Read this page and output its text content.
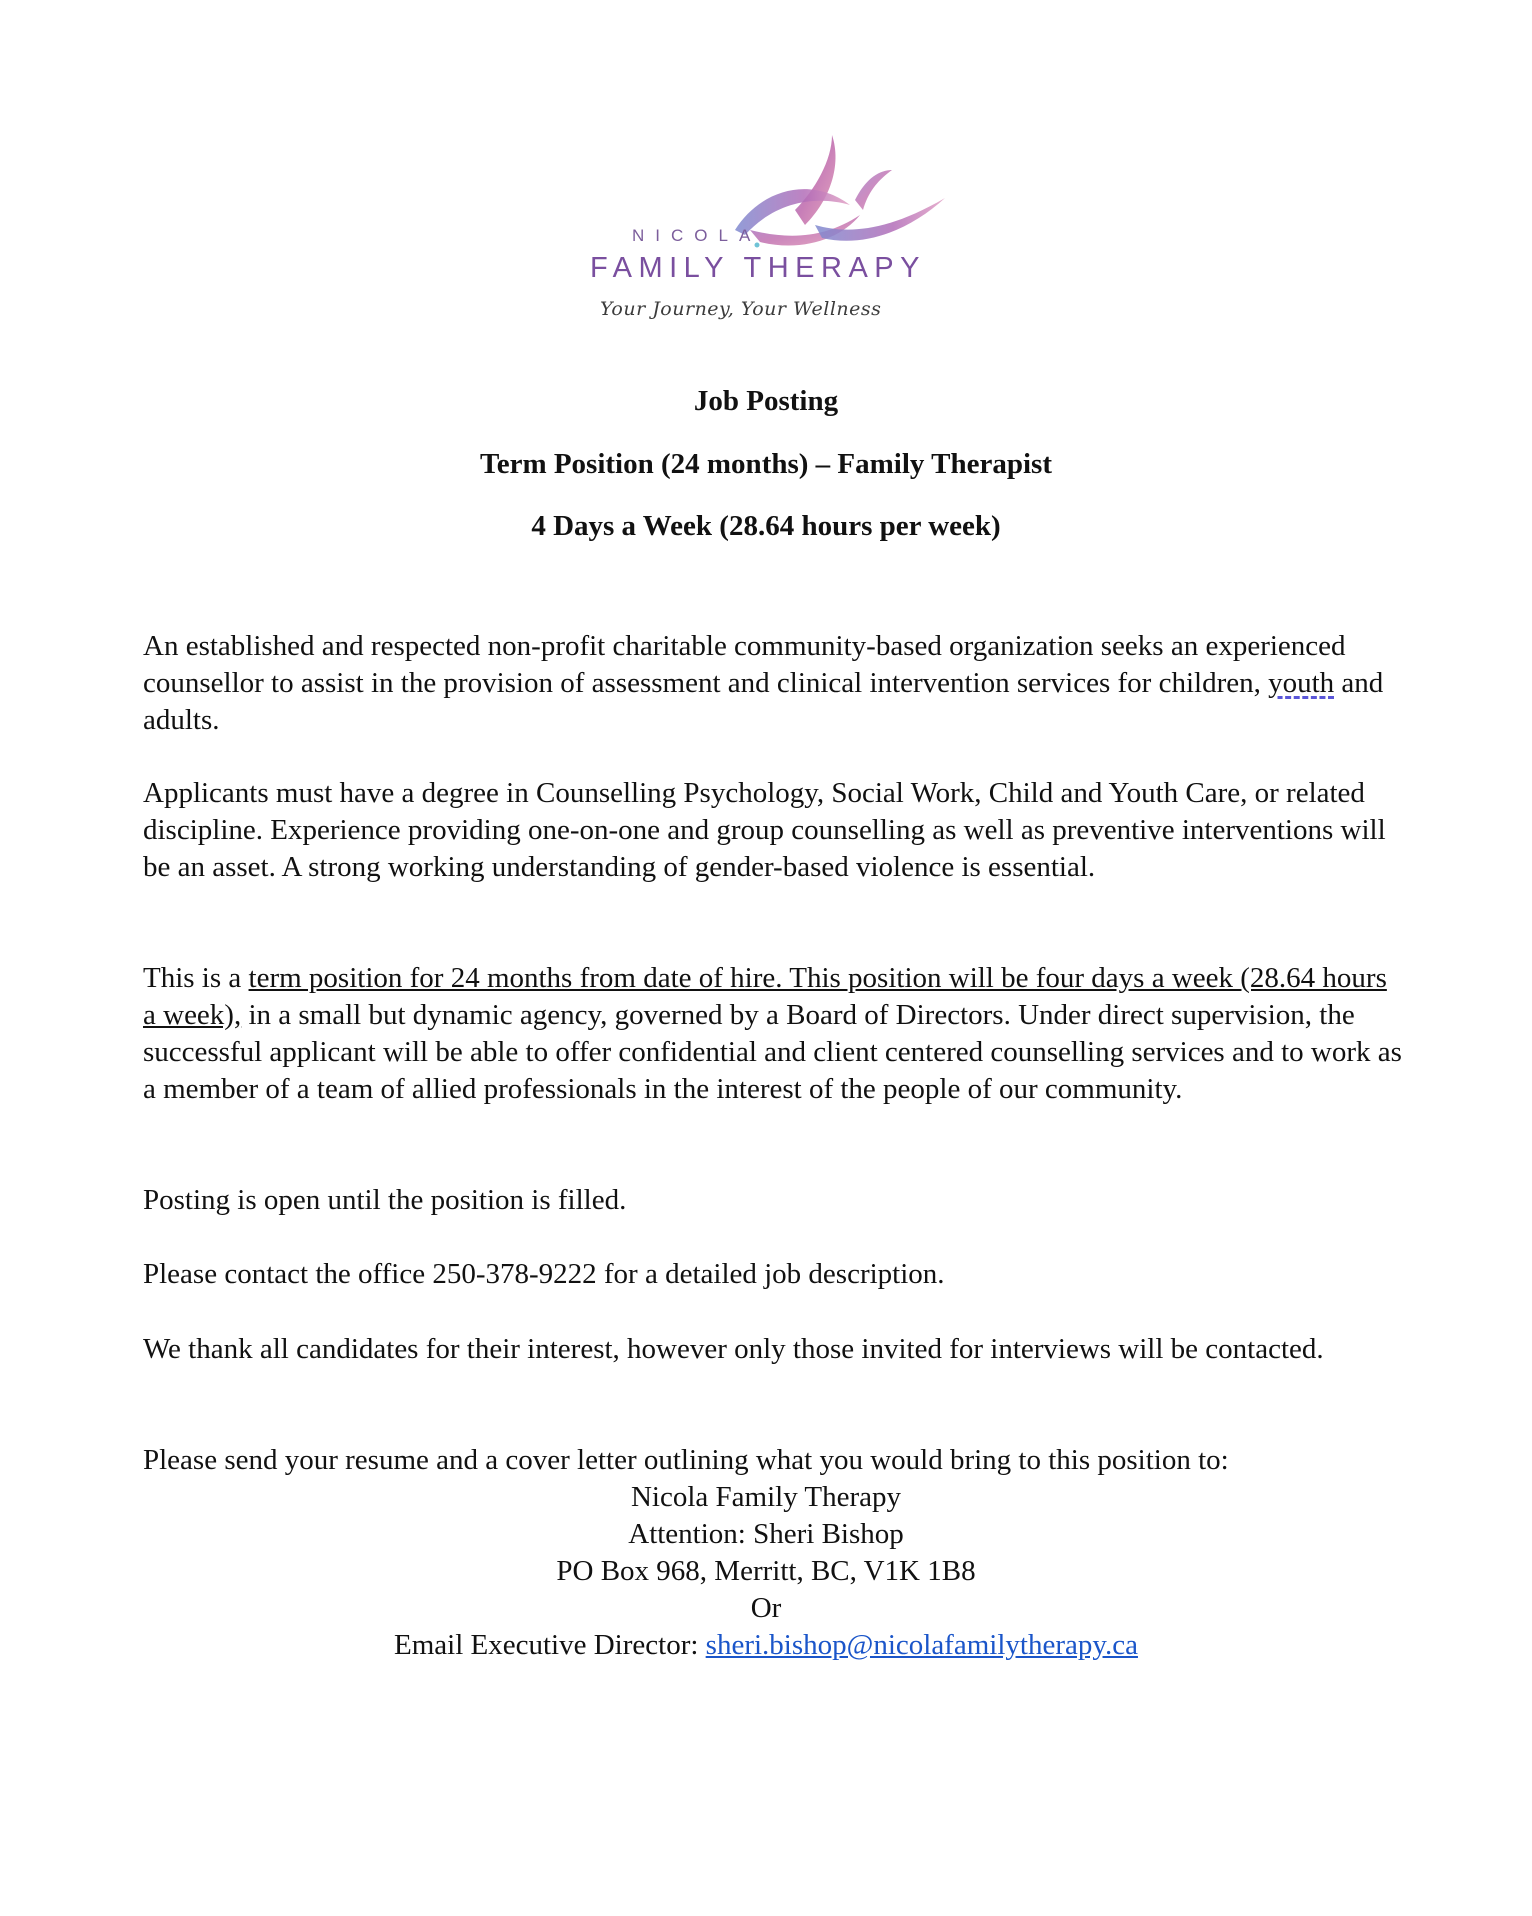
NICOLA
FAMILY THERAPY
Your Journey, Your Wellness
Job Posting
Term Position (24 months) – Family Therapist
4 Days a Week (28.64 hours per week)

An established and respected non-profit charitable community-based organization seeks an experienced counsellor to assist in the provision of assessment and clinical intervention services for children, youth and adults.

Applicants must have a degree in Counselling Psychology, Social Work, Child and Youth Care, or related discipline. Experience providing one-on-one and group counselling as well as preventive interventions will be an asset. A strong working understanding of gender-based violence is essential.

This is a term position for 24 months from date of hire. This position will be four days a week (28.64 hours a week), in a small but dynamic agency, governed by a Board of Directors. Under direct supervision, the successful applicant will be able to offer confidential and client centered counselling services and to work as a member of a team of allied professionals in the interest of the people of our community.

Posting is open until the position is filled.

Please contact the office 250-378-9222 for a detailed job description.

We thank all candidates for their interest, however only those invited for interviews will be contacted.

Please send your resume and a cover letter outlining what you would bring to this position to:

Nicola Family Therapy
Attention: Sheri Bishop
PO Box 968, Merritt, BC, V1K 1B8
Or
Email Executive Director: sheri.bishop@nicolafamilytherapy.ca
